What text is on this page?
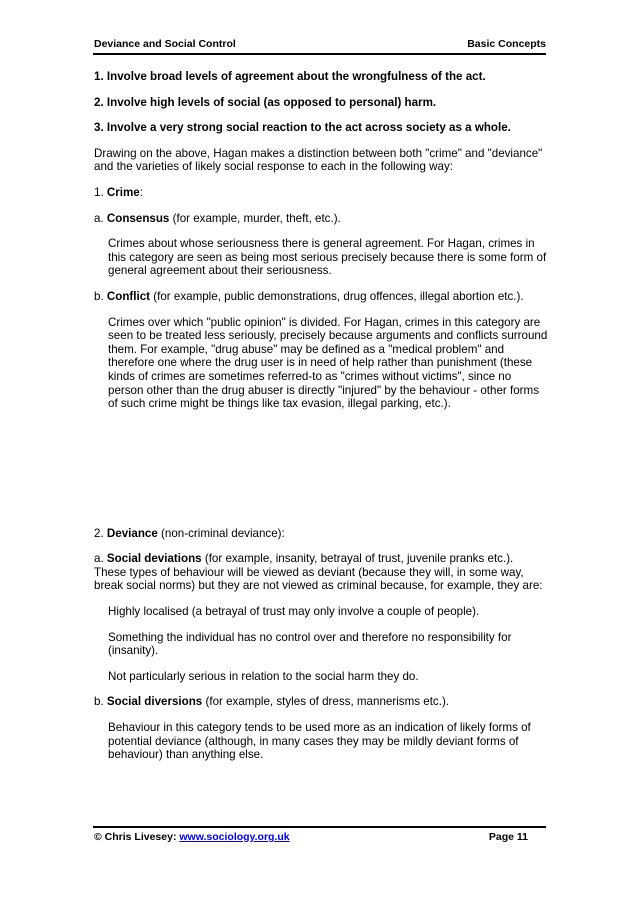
Deviance and Social Control	Basic Concepts

1. Involve broad levels of agreement about the wrongfulness of the act.

2. Involve high levels of social (as opposed to personal) harm.

3. Involve a very strong social reaction to the act across society as a whole.

Drawing on the above, Hagan makes a distinction between both "crime" and "deviance" and the varieties of likely social response to each in the following way:

1. Crime:

a. Consensus (for example, murder, theft, etc.).

Crimes about whose seriousness there is general agreement. For Hagan, crimes in this category are seen as being most serious precisely because there is some form of general agreement about their seriousness.

b. Conflict (for example, public demonstrations, drug offences, illegal abortion etc.).

Crimes over which "public opinion" is divided. For Hagan, crimes in this category are seen to be treated less seriously, precisely because arguments and conflicts surround them. For example, "drug abuse" may be defined as a "medical problem" and therefore one where the drug user is in need of help rather than punishment (these kinds of crimes are sometimes referred-to as "crimes without victims", since no person other than the drug abuser is directly "injured" by the behaviour - other forms of such crime might be things like tax evasion, illegal parking, etc.).

2. Deviance (non-criminal deviance):

a. Social deviations (for example, insanity, betrayal of trust, juvenile pranks etc.).

These types of behaviour will be viewed as deviant (because they will, in some way, break social norms) but they are not viewed as criminal because, for example, they are:

Highly localised (a betrayal of trust may only involve a couple of people).

Something the individual has no control over and therefore no responsibility for (insanity).

Not particularly serious in relation to the social harm they do.

b. Social diversions (for example, styles of dress, mannerisms etc.).

Behaviour in this category tends to be used more as an indication of likely forms of potential deviance (although, in many cases they may be mildly deviant forms of behaviour) than anything else.

© Chris Livesey: www.sociology.org.uk	Page 11
